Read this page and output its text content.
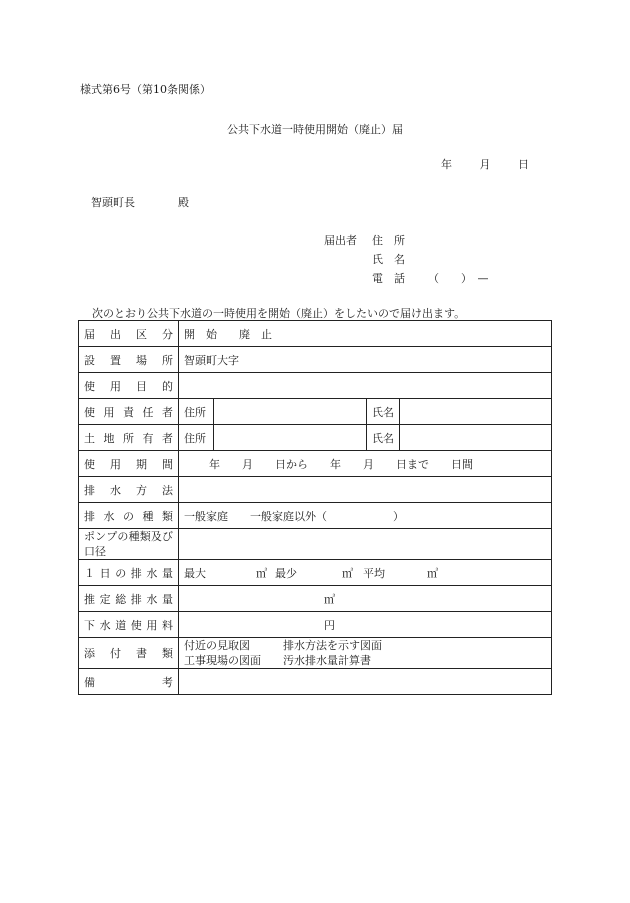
様式第6号（第10条関係）
公共下水道一時使用開始（廃止）届
年	月	日
智頭町長	殿
届出者 住　所
氏　名
電　話 （　　）　—
次のとおり公共下水道の一時使用を開始（廃止）をしたいので届け出ます。
届出区分	開　始　　廃　止			
設置場所	智頭町大字			
使用目的				
使用責任者	住所		氏名	
土地所有者	住所		氏名	
使用期間	年　　月　　日から　　年　　月　　日まで　　日間			
排水方法				
排水の種類	一般家庭　　一般家庭以外（　　　　　　）			
ポンプの種類及び口径				
１日の排水量	最大 ㎥ 最少 ㎥ 平均 ㎥			
推定総排水量	㎥			
下水道使用料	円			
添付書類	付近の見取図　　　排水方法を示す図面
工事現場の図面　　汚水排水量計算書			

備考				
